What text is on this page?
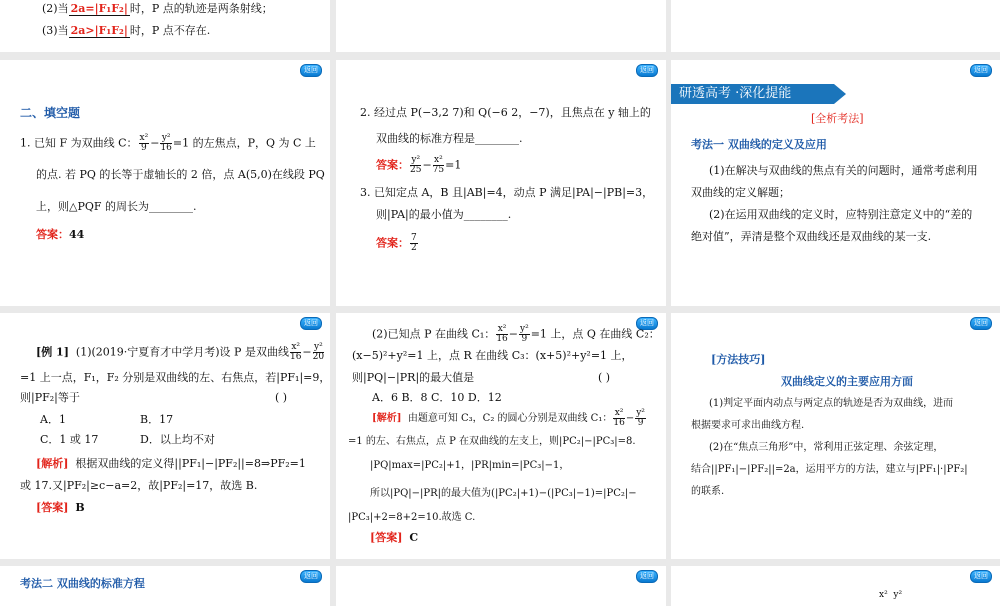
(2)当 2a=|F₁F₂| 时，P 点的轨迹是两条射线；
(3)当 2a>|F₁F₂| 时，P 点不存在.
返回
二、填空题
1. 已知 F 为双曲线 C： $\frac{\text{x²}}{9} - \frac{\text{y²}}{16} =1$ 的左焦点，P，Q 为 C 上
的点. 若 PQ 的长等于虚轴长的 2 倍，点 A(5,0)在线段 PQ
上，则△PQF 的周长为________.
答案：44
返回
2. 经过点 P(−3,2 7)和 Q(−6 2，−7)，且焦点在 y 轴上的
双曲线的标准方程是________.
答案： $\frac{\text{y²}}{25} - \frac{\text{x²}}{75} =1$
3. 已知定点 A，B 且|AB|=4，动点 P 满足|PA|−|PB|=3，
则|PA|的最小值为________.
答案： $\frac{7}{2}$
返回
研透高考 ·深化提能
[全析考法]
考法一 双曲线的定义及应用
(1)在解决与双曲线的焦点有关的问题时，通常考虑利用
双曲线的定义解题；
(2)在运用双曲线的定义时，应特别注意定义中的“差的
绝对值”，弄清是整个双曲线还是双曲线的某一支.
返回
[例 1] (1)(2019·宁夏育才中学月考)设 P 是双曲线 $\frac{\text{x²}}{16} - \frac{\text{y²}}{20}$
=1 上一点，F₁，F₂ 分别是双曲线的左、右焦点，若|PF₁|=9，
则|PF₂|等于	( )
A．1	B．17
C．1 或 17	D．以上均不对
[解析] 根据双曲线的定义得||PF₁|−|PF₂||=8⇒PF₂=1
或 17.又|PF₂|≥c−a=2，故|PF₂|=17，故选 B.
[答案] B
返回
(2)已知点 P 在曲线 C₁： $\frac{\text{x²}}{16} - \frac{\text{y²}}{9} =1$ 上，点 Q 在曲线 C₂：
(x−5)²+y²=1 上，点 R 在曲线 C₃：(x+5)²+y²=1 上，
则|PQ|−|PR|的最大值是	( )
A．6 B．8 C．10 D．12
[解析] 由题意可知 C₃，C₂ 的圆心分别是双曲线 C₁： $\frac{\text{x²}}{16} - \frac{\text{y²}}{9}$
=1 的左、右焦点，点 P 在双曲线的左支上，则|PC₂|−|PC₃|=8.
|PQ|max=|PC₂|+1，|PR|min=|PC₃|−1，
所以|PQ|−|PR|的最大值为(|PC₂|+1)−(|PC₃|−1)=|PC₂|−
|PC₃|+2=8+2=10.故选 C.
[答案] C
返回
[方法技巧]
双曲线定义的主要应用方面
(1)判定平面内动点与两定点的轨迹是否为双曲线，进而
根据要求可求出曲线方程.
(2)在“焦点三角形”中，常利用正弦定理、余弦定理，
结合||PF₁|−|PF₂||=2a，运用平方的方法，建立与|PF₁|·|PF₂|
的联系.
返回
考法二 双曲线的标准方程
返回	返回
x² y²
